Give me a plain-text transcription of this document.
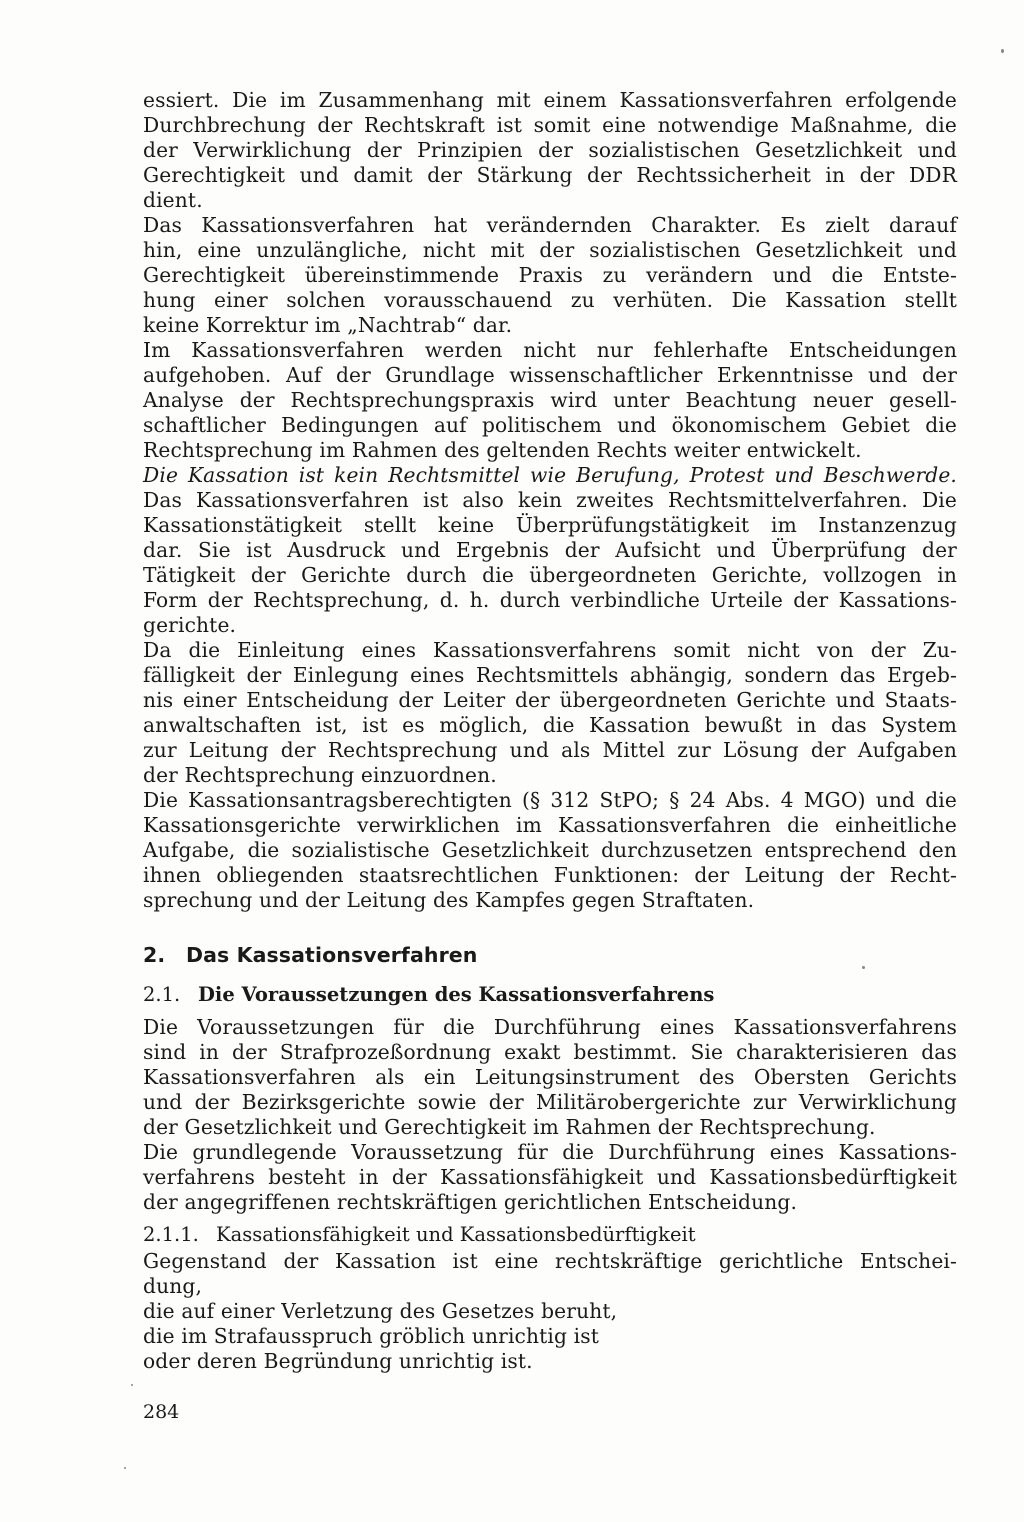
essiert. Die im Zusammenhang mit einem Kassationsverfahren erfolgende
Durchbrechung der Rechtskraft ist somit eine notwendige Maßnahme, die
der Verwirklichung der Prinzipien der sozialistischen Gesetzlichkeit und
Gerechtigkeit und damit der Stärkung der Rechtssicherheit in der DDR
dient.
Das Kassationsverfahren hat verändernden Charakter. Es zielt darauf
hin, eine unzulängliche, nicht mit der sozialistischen Gesetzlichkeit und
Gerechtigkeit übereinstimmende Praxis zu verändern und die Entste-
hung einer solchen vorausschauend zu verhüten. Die Kassation stellt
keine Korrektur im „Nachtrab“ dar.
Im Kassationsverfahren werden nicht nur fehlerhafte Entscheidungen
aufgehoben. Auf der Grundlage wissenschaftlicher Erkenntnisse und der
Analyse der Rechtsprechungspraxis wird unter Beachtung neuer gesell-
schaftlicher Bedingungen auf politischem und ökonomischem Gebiet die
Rechtsprechung im Rahmen des geltenden Rechts weiter entwickelt.
Die Kassation ist kein Rechtsmittel wie Berufung, Protest und Beschwerde.
Das Kassationsverfahren ist also kein zweites Rechtsmittelverfahren. Die
Kassationstätigkeit stellt keine Überprüfungstätigkeit im Instanzenzug
dar. Sie ist Ausdruck und Ergebnis der Aufsicht und Überprüfung der
Tätigkeit der Gerichte durch die übergeordneten Gerichte, vollzogen in
Form der Rechtsprechung, d. h. durch verbindliche Urteile der Kassations-
gerichte.
Da die Einleitung eines Kassationsverfahrens somit nicht von der Zu-
fälligkeit der Einlegung eines Rechtsmittels abhängig, sondern das Ergeb-
nis einer Entscheidung der Leiter der übergeordneten Gerichte und Staats-
anwaltschaften ist, ist es möglich, die Kassation bewußt in das System
zur Leitung der Rechtsprechung und als Mittel zur Lösung der Aufgaben
der Rechtsprechung einzuordnen.
Die Kassationsantragsberechtigten (§ 312 StPO; § 24 Abs. 4 MGO) und die
Kassationsgerichte verwirklichen im Kassationsverfahren die einheitliche
Aufgabe, die sozialistische Gesetzlichkeit durchzusetzen entsprechend den
ihnen obliegenden staatsrechtlichen Funktionen: der Leitung der Recht-
sprechung und der Leitung des Kampfes gegen Straftaten.
2. Das Kassationsverfahren
2.1. Die Voraussetzungen des Kassationsverfahrens
Die Voraussetzungen für die Durchführung eines Kassationsverfahrens
sind in der Strafprozeßordnung exakt bestimmt. Sie charakterisieren das
Kassationsverfahren als ein Leitungsinstrument des Obersten Gerichts
und der Bezirksgerichte sowie der Militärobergerichte zur Verwirklichung
der Gesetzlichkeit und Gerechtigkeit im Rahmen der Rechtsprechung.
Die grundlegende Voraussetzung für die Durchführung eines Kassations-
verfahrens besteht in der Kassationsfähigkeit und Kassationsbedürftigkeit
der angegriffenen rechtskräftigen gerichtlichen Entscheidung.
2.1.1. Kassationsfähigkeit und Kassationsbedürftigkeit
Gegenstand der Kassation ist eine rechtskräftige gerichtliche Entschei-
dung,
die auf einer Verletzung des Gesetzes beruht,
die im Strafausspruch gröblich unrichtig ist
oder deren Begründung unrichtig ist.
284
